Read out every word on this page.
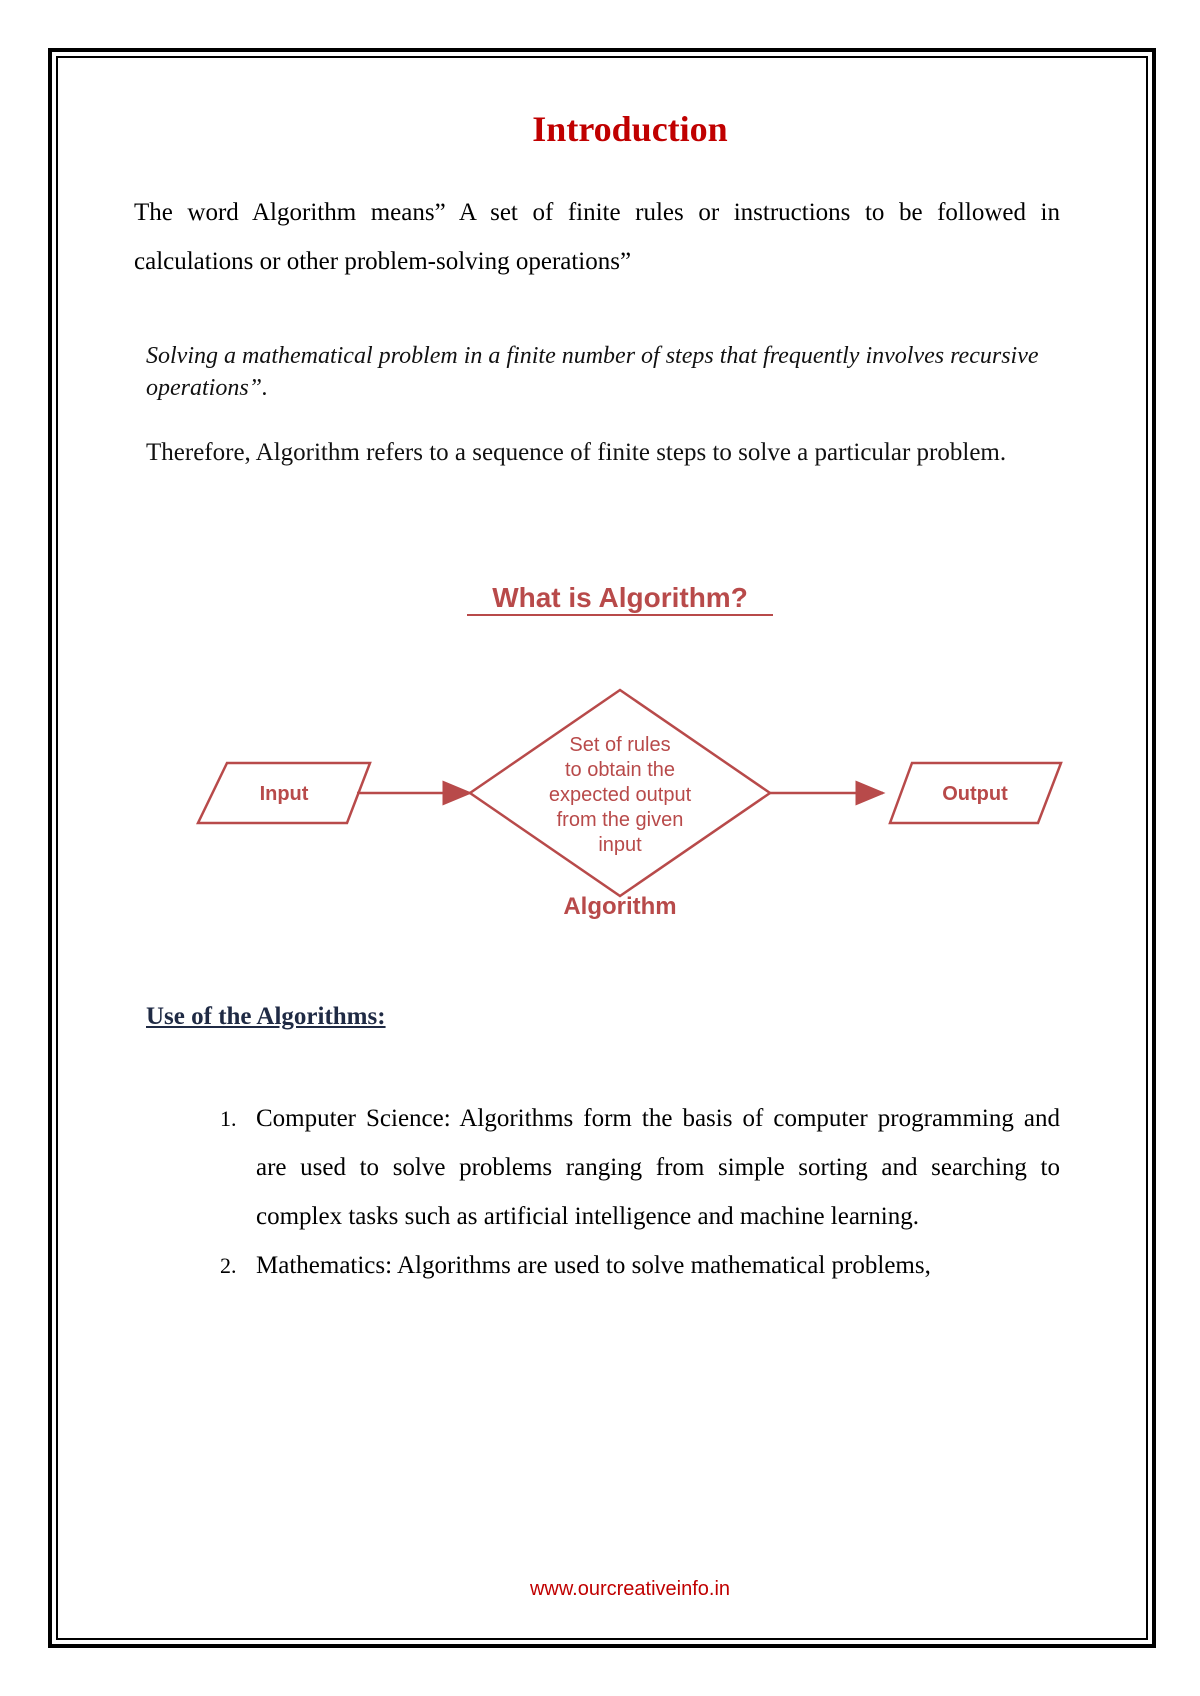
Introduction
The word Algorithm means” A set of finite rules or instructions to be followed in calculations or other problem-solving operations”
Solving a mathematical problem in a finite number of steps that frequently involves recursive operations”.
Therefore, Algorithm refers to a sequence of finite steps to solve a particular problem.
What is Algorithm?
Input
Set of rules
to obtain the
expected output
from the given
input
Output
Algorithm
Use of the Algorithms:
1. Computer Science: Algorithms form the basis of computer programming and are used to solve problems ranging from simple sorting and searching to complex tasks such as artificial intelligence and machine learning.
2. Mathematics: Algorithms are used to solve mathematical problems,
www.ourcreativeinfo.in
